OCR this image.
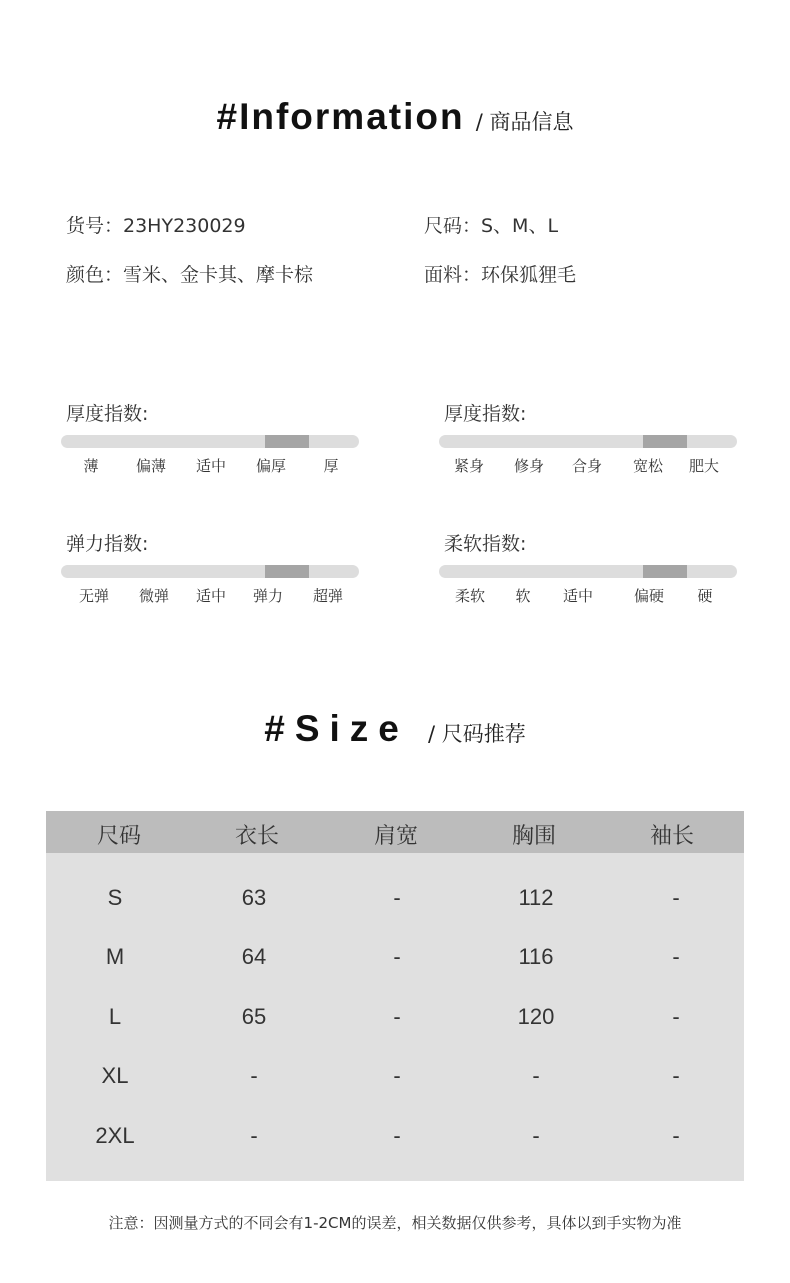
#Information / 商品信息
货号：23HY230029	尺码：S、M、L
颜色：雪米、金卡其、摩卡棕	面料：环保狐狸毛
厚度指数:
薄	偏薄	适中	偏厚	厚
厚度指数:
紧身	修身	合身	宽松	肥大
弹力指数:
无弹	微弹	适中	弹力	超弹
柔软指数:
柔软	软	适中	偏硬	硬
#Size / 尺码推荐
尺码	衣长	肩宽	胸围	袖长
S	63	-	112	-
M	64	-	116	-
L	65	-	120	-
XL	-	-	-	-
2XL	-	-	-	-
注意：因测量方式的不同会有1-2CM的误差，相关数据仅供参考，具体以到手实物为准
